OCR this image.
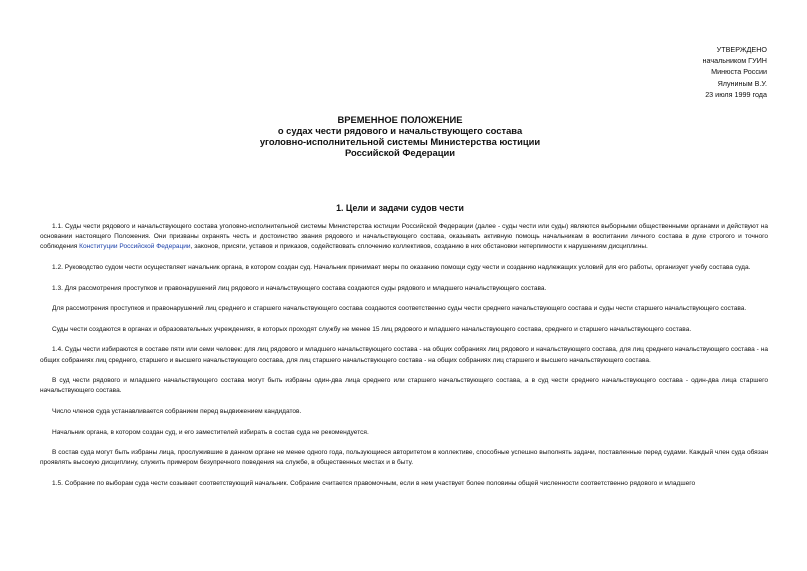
УТВЕРЖДЕНО
начальником ГУИН
Минюста России
Ялуниным В.У.
23 июля 1999 года
ВРЕМЕННОЕ ПОЛОЖЕНИЕ
о судах чести рядового и начальствующего состава
уголовно-исполнительной системы Министерства юстиции
Российской Федерации
1. Цели и задачи судов чести

1.1. Суды чести рядового и начальствующего состава уголовно-исполнительной системы Министерства юстиции Российской Федерации (далее - суды чести или суды) являются выборными общественными органами и действуют на основании настоящего Положения. Они призваны охранять честь и достоинство звания рядового и начальствующего состава, оказывать активную помощь начальникам в воспитании личного состава в духе строгого и точного соблюдения Конституции Российской Федерации, законов, присяги, уставов и приказов, содействовать сплочению коллективов, созданию в них обстановки нетерпимости к нарушениям дисциплины.

1.2. Руководство судом чести осуществляет начальник органа, в котором создан суд. Начальник принимает меры по оказанию помощи суду чести и созданию надлежащих условий для его работы, организует учебу состава суда.

1.3. Для рассмотрения проступков и правонарушений лиц рядового и начальствующего состава создаются суды рядового и младшего начальствующего состава.

Для рассмотрения проступков и правонарушений лиц среднего и старшего начальствующего состава создаются соответственно суды чести среднего начальствующего состава и суды чести старшего начальствующего состава.

Суды чести создаются в органах и образовательных учреждениях, в которых проходят службу не менее 15 лиц рядового и младшего начальствующего состава, среднего и старшего начальствующего состава.

1.4. Суды чести избираются в составе пяти или семи человек: для лиц рядового и младшего начальствующего состава - на общих собраниях лиц рядового и начальствующего состава, для лиц среднего начальствующего состава - на общих собраниях лиц среднего, старшего и высшего начальствующего состава, для лиц старшего начальствующего состава - на общих собраниях лиц старшего и высшего начальствующего состава.

В суд чести рядового и младшего начальствующего состава могут быть избраны один-два лица среднего или старшего начальствующего состава, а в суд чести среднего начальствующего состава - один-два лица старшего начальствующего состава.

Число членов суда устанавливается собранием перед выдвижением кандидатов.

Начальник органа, в котором создан суд, и его заместителей избирать в состав суда не рекомендуется.

В состав суда могут быть избраны лица, прослужившие в данном органе не менее одного года, пользующиеся авторитетом в коллективе, способные успешно выполнять задачи, поставленные перед судами. Каждый член суда обязан проявлять высокую дисциплину, служить примером безупречного поведения на службе, в общественных местах и в быту.

1.5. Собрание по выборам суда чести созывает соответствующий начальник. Собрание считается правомочным, если в нем участвует более половины общей численности соответственно рядового и младшего
